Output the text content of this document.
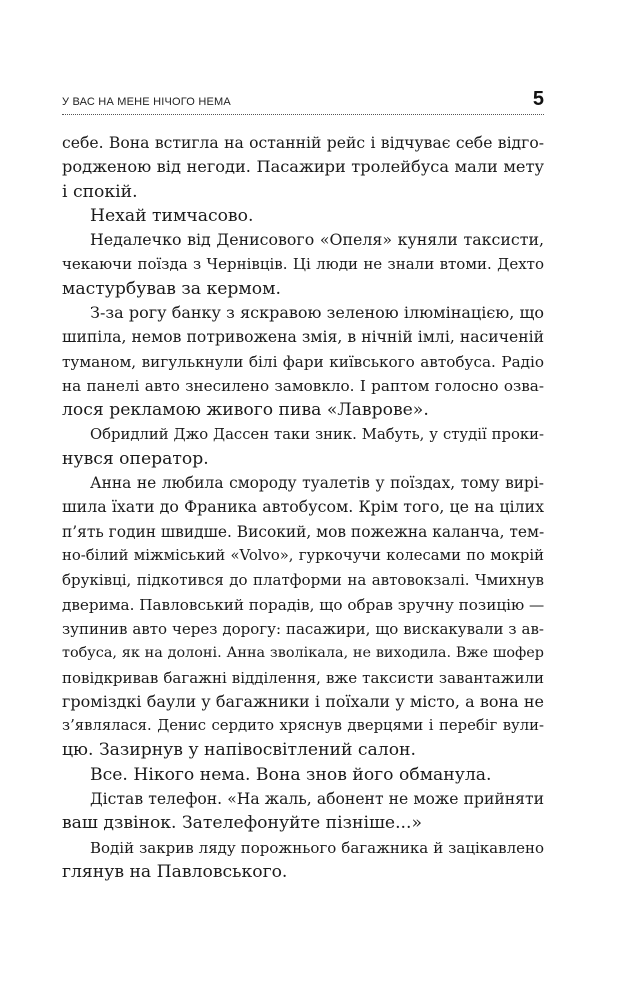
У ВАС НА МЕНЕ НІЧОГО НЕМА	5
себе. Вона встигла на останній рейс і відчуває себе відго-
родженою від негоди. Пасажири тролейбуса мали мету
і спокій.
Нехай тимчасово.
Недалечко від Денисового «Опеля» куняли таксисти,
чекаючи поїзда з Чернівців. Ці люди не знали втоми. Дехто
мастурбував за кермом.
З-за рогу банку з яскравою зеленою ілюмінацією, що
шипіла, немов потривожена змія, в нічній імлі, насиченій
туманом, вигулькнули білі фари київського автобуса. Радіо
на панелі авто знесилено замовкло. І раптом голосно озва-
лося рекламою живого пива «Лаврове».
Обридлий Джо Дассен таки зник. Мабуть, у студії проки-
нувся оператор.
Анна не любила смороду туалетів у поїздах, тому вирі-
шила їхати до Франика автобусом. Крім того, це на цілих
п’ять годин швидше. Високий, мов пожежна каланча, тем-
но-білий міжміський «Volvo», гуркочучи колесами по мокрій
бруківці, підкотився до платформи на автовокзалі. Чмихнув
дверима. Павловський порадів, що обрав зручну позицію —
зупинив авто через дорогу: пасажири, що вискакували з ав-
тобуса, як на долоні. Анна зволікала, не виходила. Вже шофер
повідкривав багажні відділення, вже таксисти завантажили
громіздкі баули у багажники і поїхали у місто, а вона не
з’являлася. Денис сердито хряснув дверцями і перебіг вули-
цю. Зазирнув у напівосвітлений салон.
Все. Нікого нема. Вона знов його обманула.
Дістав телефон. «На жаль, абонент не може прийняти
ваш дзвінок. Зателефонуйте пізніше...»
Водій закрив ляду порожнього багажника й зацікавлено
глянув на Павловського.
